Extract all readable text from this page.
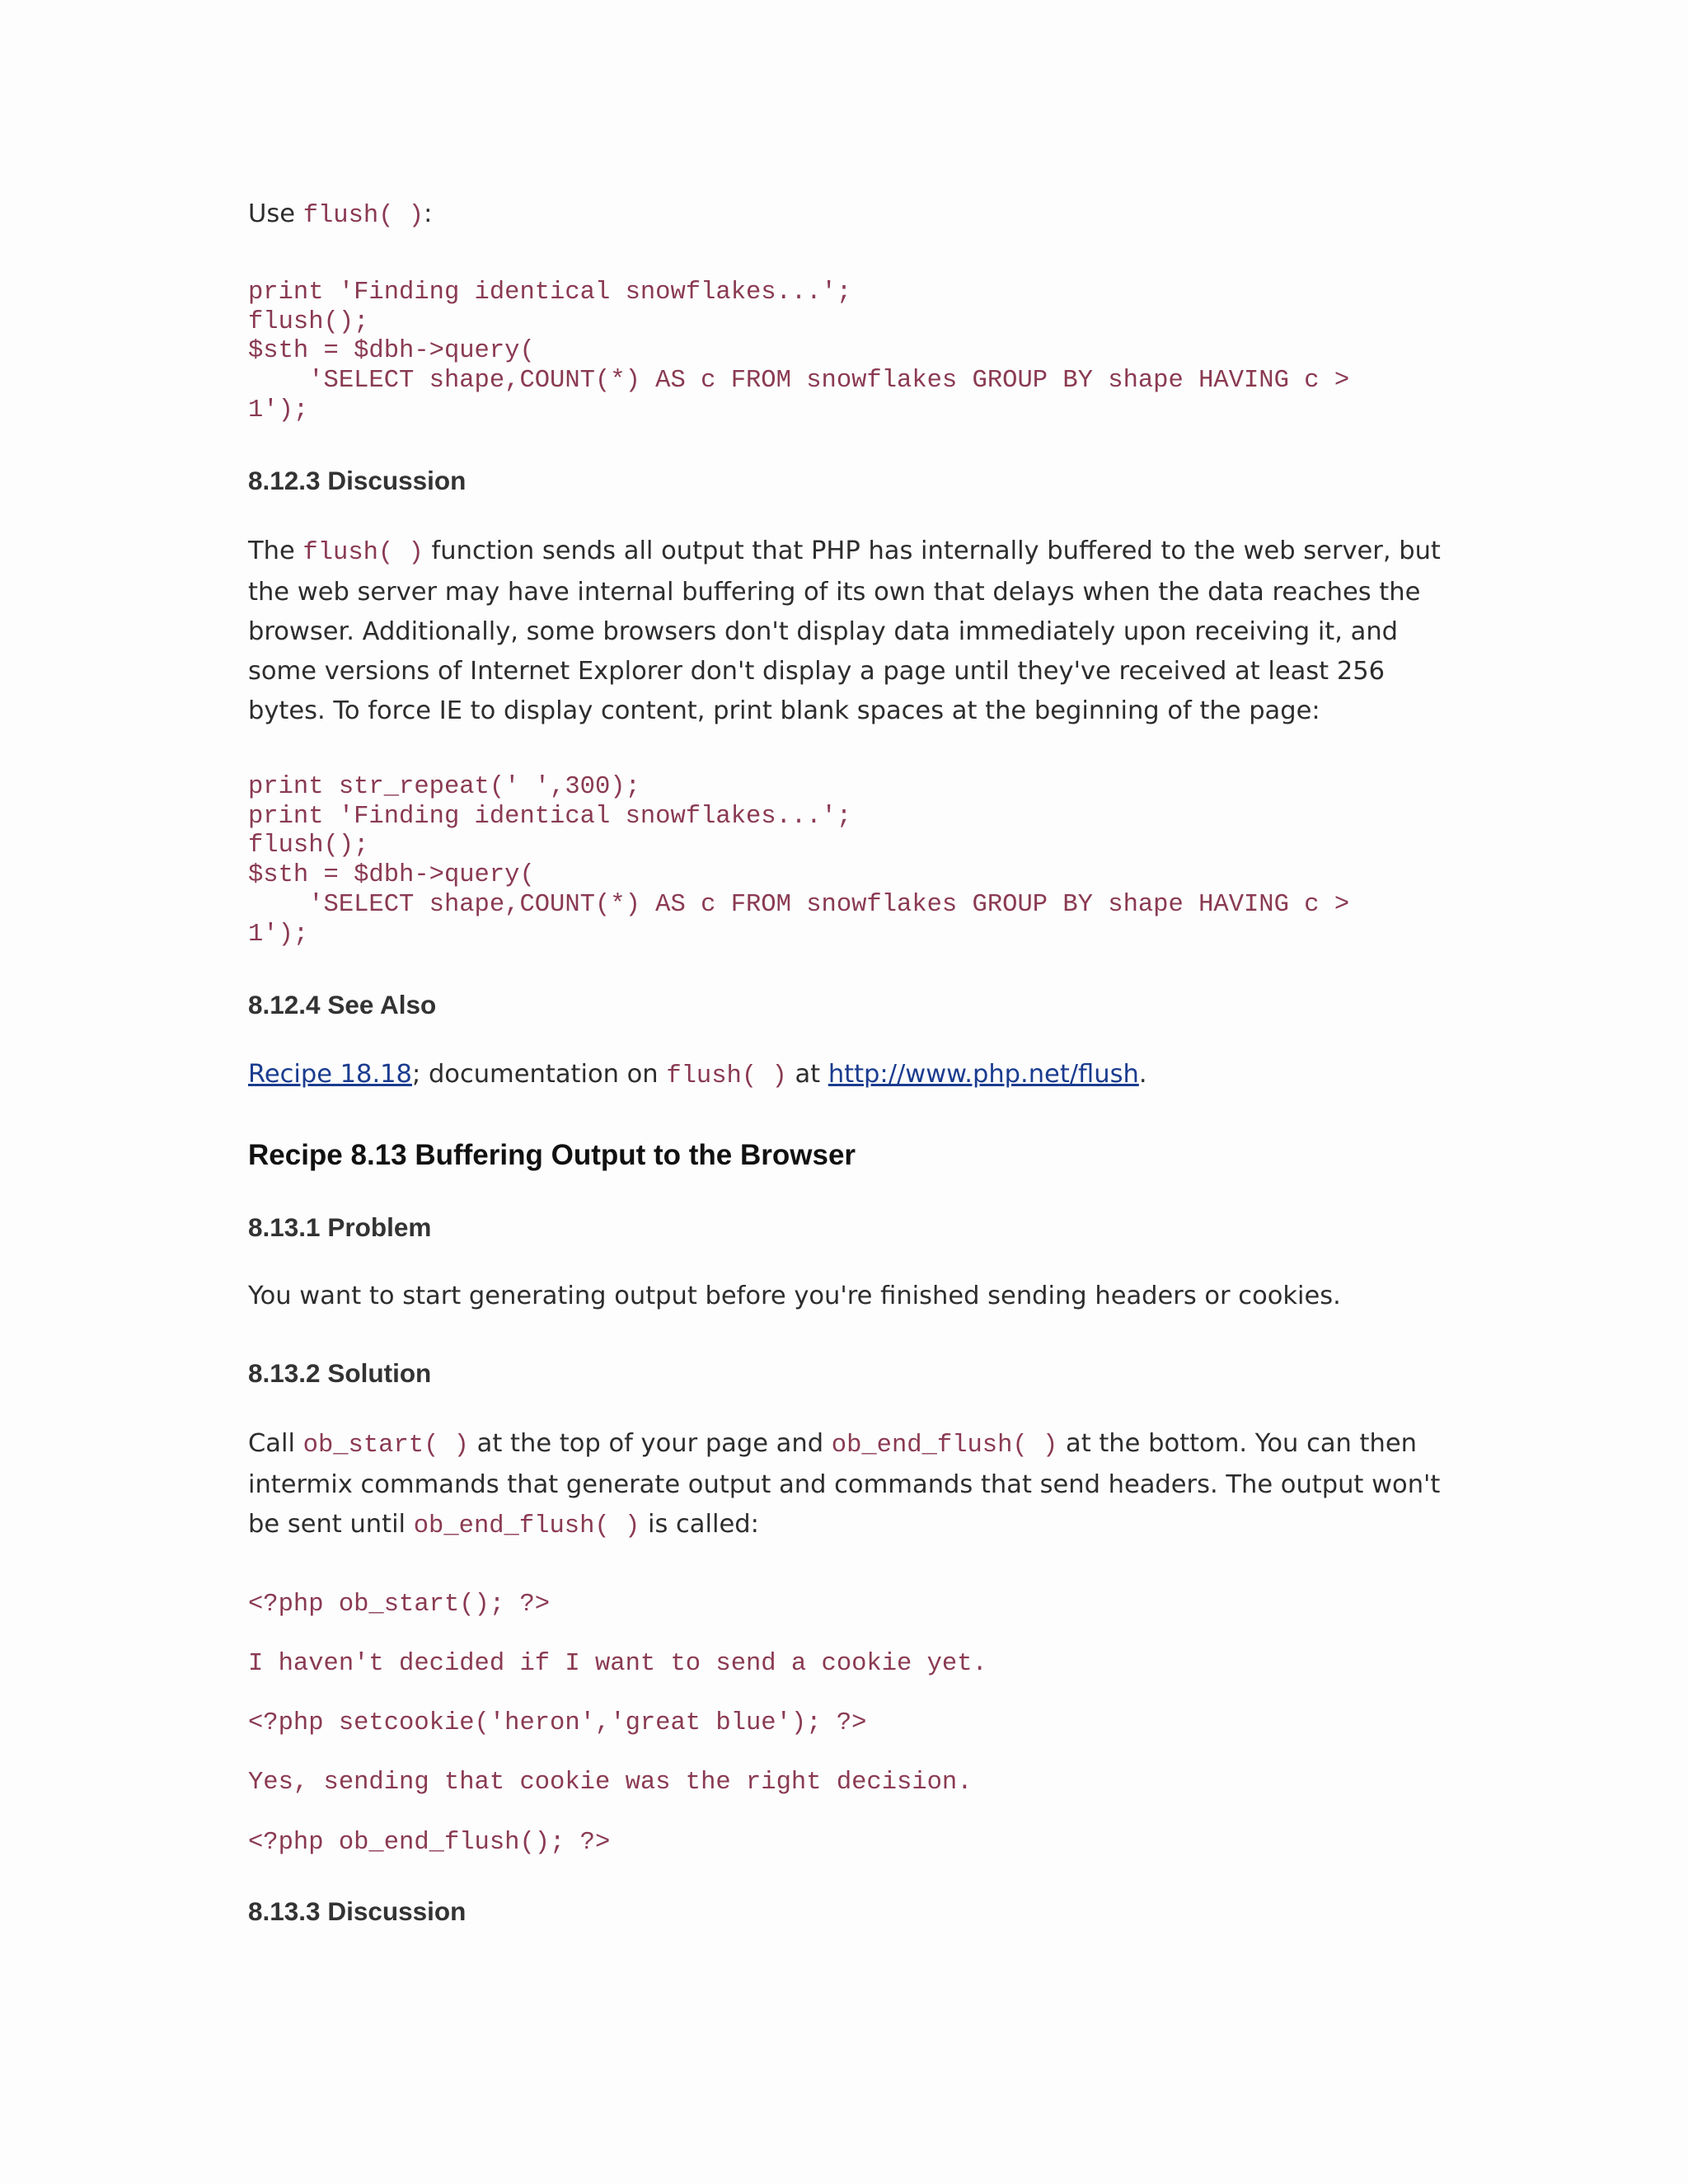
Use flush( ):

print 'Finding identical snowflakes...';
flush();
$sth = $dbh->query(
'SELECT shape,COUNT(*) AS c FROM snowflakes GROUP BY shape HAVING c >
1');
8.12.3 Discussion

The flush( ) function sends all output that PHP has internally buffered to the web server, but the web server may have internal buffering of its own that delays when the data reaches the browser. Additionally, some browsers don't display data immediately upon receiving it, and some versions of Internet Explorer don't display a page until they've received at least 256 bytes. To force IE to display content, print blank spaces at the beginning of the page:

print str_repeat(' ',300);
print 'Finding identical snowflakes...';
flush();
$sth = $dbh->query(
'SELECT shape,COUNT(*) AS c FROM snowflakes GROUP BY shape HAVING c >
1');
8.12.4 See Also

Recipe 18.18; documentation on flush( ) at http://www.php.net/flush.

Recipe 8.13 Buffering Output to the Browser
8.13.1 Problem

You want to start generating output before you're finished sending headers or cookies.

8.13.2 Solution

Call ob_start( ) at the top of your page and ob_end_flush( ) at the bottom. You can then intermix commands that generate output and commands that send headers. The output won't be sent until ob_end_flush( ) is called:

<?php ob_start(); ?>
I haven't decided if I want to send a cookie yet.
<?php setcookie('heron','great blue'); ?>
Yes, sending that cookie was the right decision.
<?php ob_end_flush(); ?>
8.13.3 Discussion
